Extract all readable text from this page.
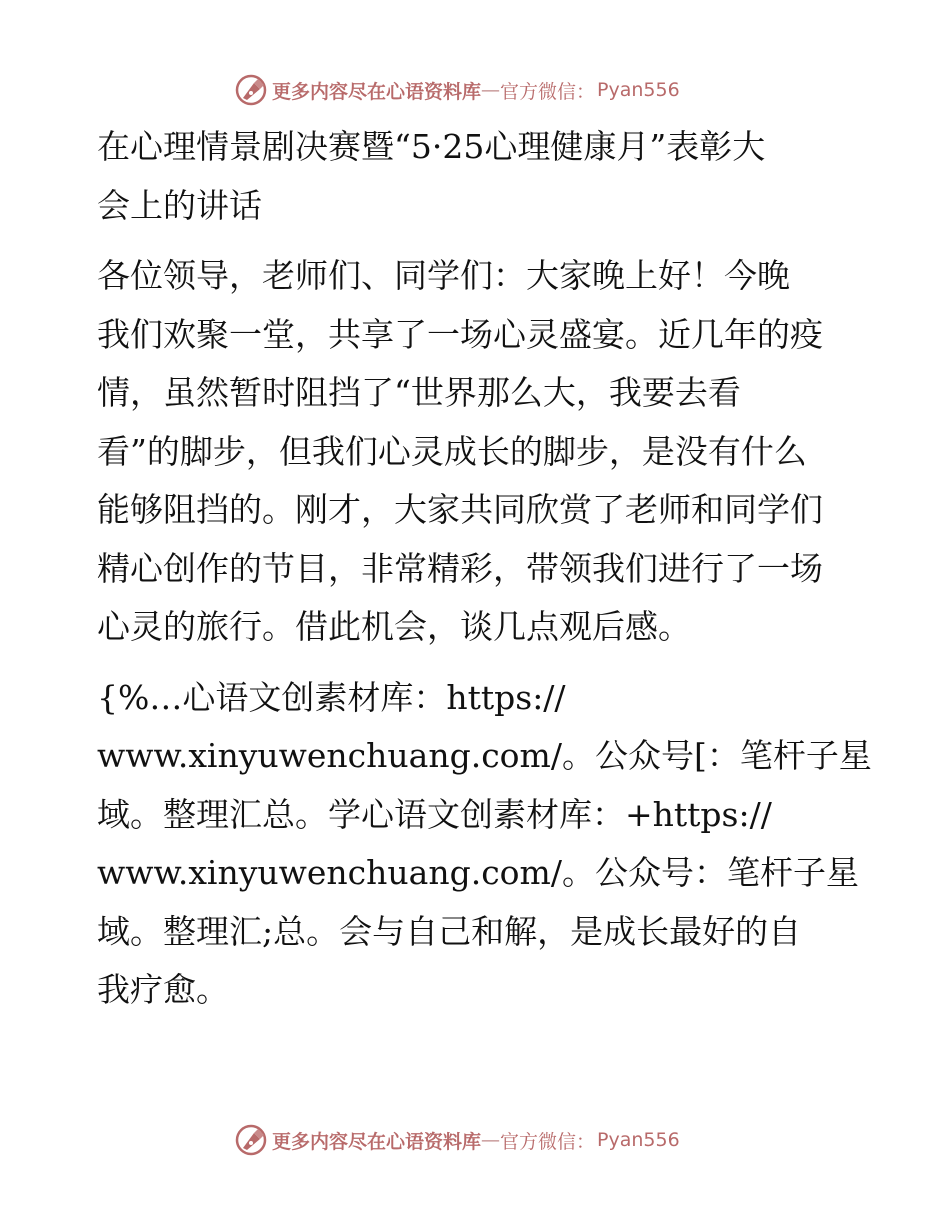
更多内容尽在心语资料库 — 官方微信： Pyan556
在心理情景剧决赛暨“5·25心理健康月”表彰大
会上的讲话
各位领导，老师们、同学们：大家晚上好！今晚
我们欢聚一堂，共享了一场心灵盛宴。近几年的疫
情，虽然暂时阻挡了“世界那么大，我要去看
看”的脚步，但我们心灵成长的脚步，是没有什么
能够阻挡的。刚才，大家共同欣赏了老师和同学们
精心创作的节目，非常精彩，带领我们进行了一场
心灵的旅行。借此机会，谈几点观后感。
{%…心语文创素材库：https://
www.xinyuwenchuang.com/。公众号[：笔杆子星
域。整理汇总。学心语文创素材库：+https://
www.xinyuwenchuang.com/。公众号：笔杆子星
域。整理汇;总。会与自己和解，是成长最好的自
我疗愈。
更多内容尽在心语资料库 — 官方微信： Pyan556
